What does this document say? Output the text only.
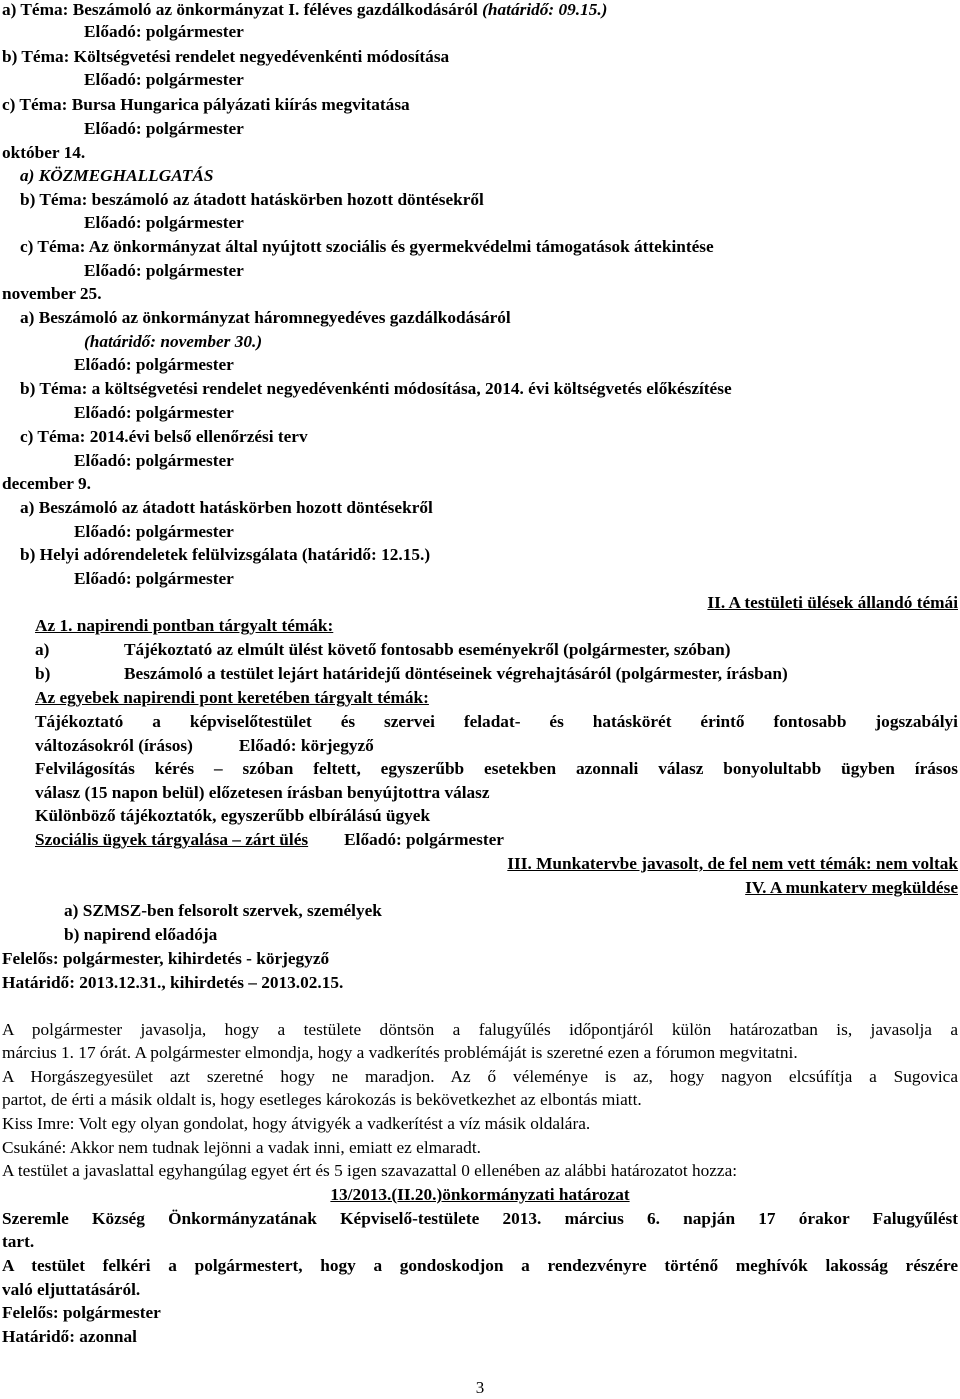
a) Téma: Beszámoló az önkormányzat I. féléves gazdálkodásáról (határidő: 09.15.)
Előadó: polgármester
b) Téma: Költségvetési rendelet negyedévenkénti módosítása
Előadó: polgármester
c) Téma: Bursa Hungarica pályázati kiírás megvitatása
Előadó: polgármester
október 14.
a) KÖZMEGHALLGATÁS
b) Téma: beszámoló az átadott hatáskörben hozott döntésekről
Előadó: polgármester
c) Téma: Az önkormányzat által nyújtott szociális és gyermekvédelmi támogatások áttekintése
Előadó: polgármester
november 25.
a) Beszámoló az önkormányzat háromnegyedéves gazdálkodásáról
(határidő: november 30.)
Előadó: polgármester
b) Téma: a költségvetési rendelet negyedévenkénti módosítása, 2014. évi költségvetés előkészítése
Előadó: polgármester
c) Téma: 2014.évi belső ellenőrzési terv
Előadó: polgármester
december 9.
a) Beszámoló az átadott hatáskörben hozott döntésekről
Előadó: polgármester
b) Helyi adórendeletek felülvizsgálata (határidő: 12.15.)
Előadó: polgármester
II. A testületi ülések állandó témái
Az 1. napirendi pontban tárgyalt témák:
a)	Tájékoztató az elmúlt ülést követő fontosabb eseményekről (polgármester, szóban)
b)	Beszámoló a testület lejárt határidejű döntéseinek végrehajtásáról (polgármester, írásban)
Az egyebek napirendi pont keretében tárgyalt témák:
Tájékoztató a képviselőtestület és szervei feladat- és hatáskörét érintő fontosabb jogszabályi
változásokról (írásos)	Előadó: körjegyző
Felvilágosítás kérés – szóban feltett, egyszerűbb esetekben azonnali válasz bonyolultabb ügyben írásos
válasz (15 napon belül) előzetesen írásban benyújtottra válasz
Különböző tájékoztatók, egyszerűbb elbírálású ügyek
Szociális ügyek tárgyalása – zárt ülés Előadó: polgármester
III. Munkatervbe javasolt, de fel nem vett témák: nem voltak
IV. A munkaterv megküldése
a) SZMSZ-ben felsorolt szervek, személyek
b) napirend előadója
Felelős: polgármester, kihirdetés - körjegyző
Határidő: 2013.12.31., kihirdetés – 2013.02.15.
A polgármester javasolja, hogy a testülete döntsön a falugyűlés időpontjáról külön határozatban is, javasolja a
március 1. 17 órát. A polgármester elmondja, hogy a vadkerítés problémáját is szeretné ezen a fórumon megvitatni.
A Horgászegyesület azt szeretné hogy ne maradjon. Az ő véleménye is az, hogy nagyon elcsúfítja a Sugovica
partot, de érti a másik oldalt is, hogy esetleges károkozás is bekövetkezhet az elbontás miatt.
Kiss Imre: Volt egy olyan gondolat, hogy átvigyék a vadkerítést a víz másik oldalára.
Csukáné: Akkor nem tudnak lejönni a vadak inni, emiatt ez elmaradt.
A testület a javaslattal egyhangúlag egyet ért és 5 igen szavazattal 0 ellenében az alábbi határozatot hozza:
13/2013.(II.20.)önkormányzati határozat
Szeremle Község Önkormányzatának Képviselő-testülete 2013. március 6. napján 17 órakor Falugyűlést
tart.
A testület felkéri a polgármestert, hogy a gondoskodjon a rendezvényre történő meghívók lakosság részére
való eljuttatásáról.
Felelős: polgármester
Határidő: azonnal
3
